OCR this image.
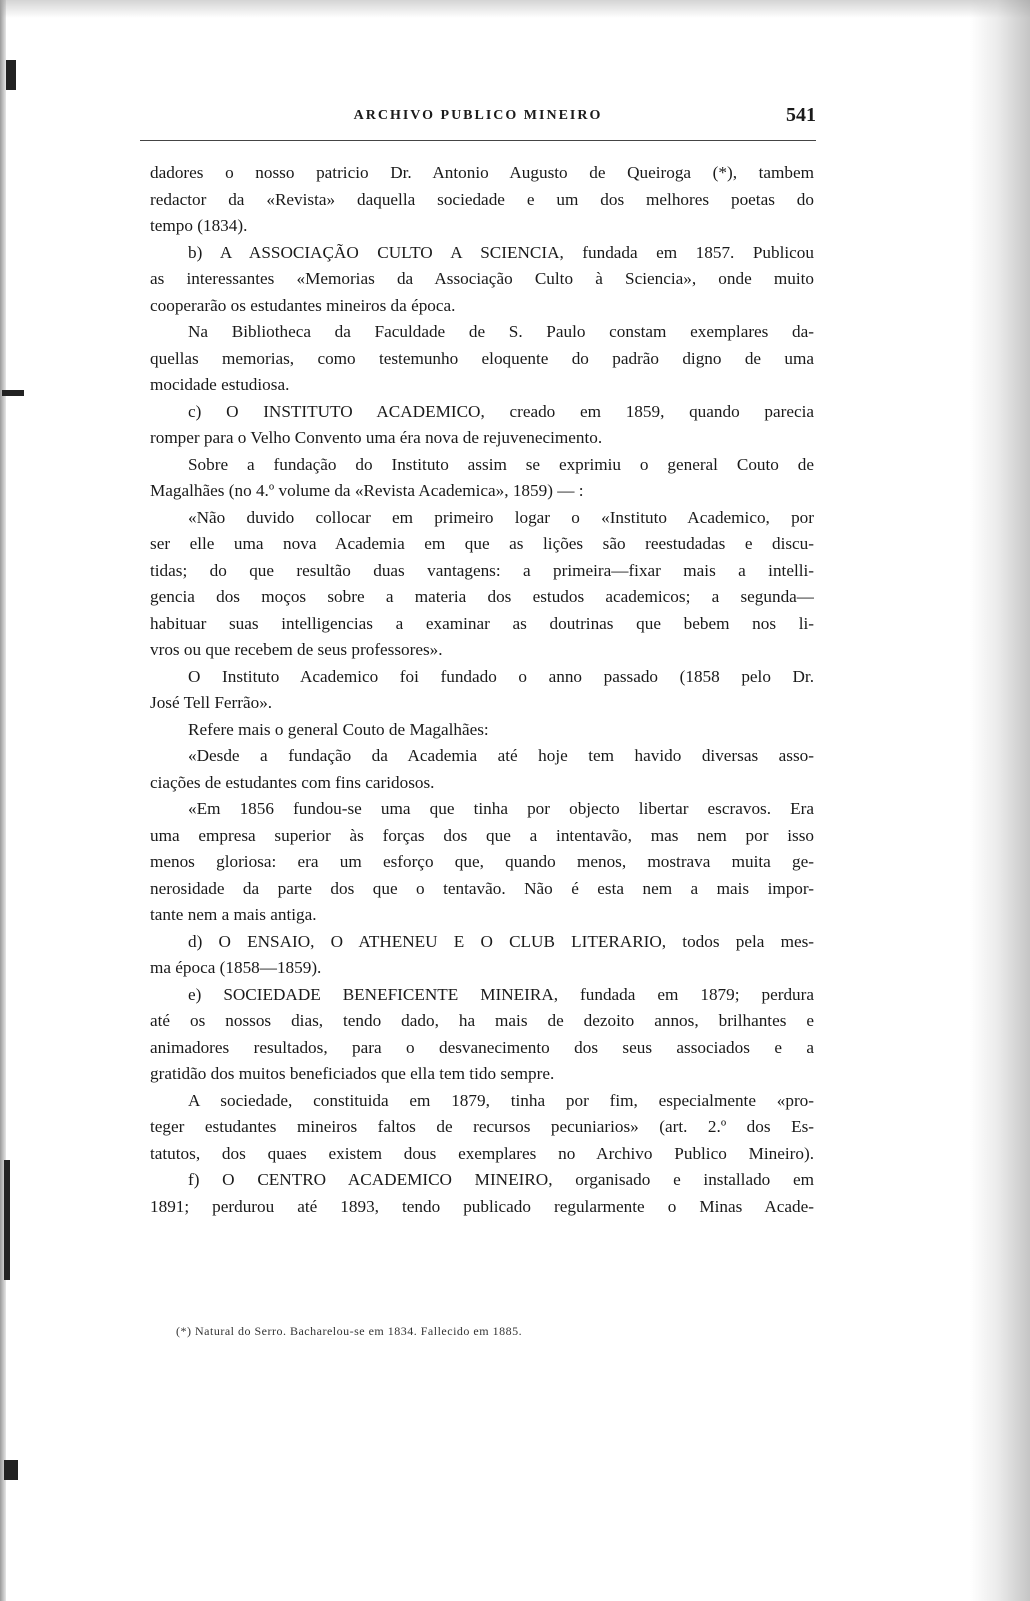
ARCHIVO PUBLICO MINEIRO	541
dadores o nosso patricio Dr. Antonio Augusto de Queiroga (*), tambem
redactor da «Revista» daquella sociedade e um dos melhores poetas do
tempo (1834).
b) A ASSOCIAÇÃO CULTO A SCIENCIA, fundada em 1857. Publicou
as interessantes «Memorias da Associação Culto à Sciencia», onde muito
cooperarão os estudantes mineiros da época.
Na Bibliotheca da Faculdade de S. Paulo constam exemplares da-
quellas memorias, como testemunho eloquente do padrão digno de uma
mocidade estudiosa.
c) O INSTITUTO ACADEMICO, creado em 1859, quando parecia
romper para o Velho Convento uma éra nova de rejuvenecimento.
Sobre a fundação do Instituto assim se exprimiu o general Couto de
Magalhães (no 4.º volume da «Revista Academica», 1859) — :
«Não duvido collocar em primeiro logar o «Instituto Academico, por
ser elle uma nova Academia em que as lições são reestudadas e discu-
tidas; do que resultão duas vantagens: a primeira—fixar mais a intelli-
gencia dos moços sobre a materia dos estudos academicos; a segunda—
habituar suas intelligencias a examinar as doutrinas que bebem nos li-
vros ou que recebem de seus professores».
O Instituto Academico foi fundado o anno passado (1858 pelo Dr.
José Tell Ferrão».
Refere mais o general Couto de Magalhães:
«Desde a fundação da Academia até hoje tem havido diversas asso-
ciações de estudantes com fins caridosos.
«Em 1856 fundou-se uma que tinha por objecto libertar escravos. Era
uma empresa superior às forças dos que a intentavão, mas nem por isso
menos gloriosa: era um esforço que, quando menos, mostrava muita ge-
nerosidade da parte dos que o tentavão. Não é esta nem a mais impor-
tante nem a mais antiga.
d) O ENSAIO, O ATHENEU E O CLUB LITERARIO, todos pela mes-
ma época (1858—1859).
e) SOCIEDADE BENEFICENTE MINEIRA, fundada em 1879; perdura
até os nossos dias, tendo dado, ha mais de dezoito annos, brilhantes e
animadores resultados, para o desvanecimento dos seus associados e a
gratidão dos muitos beneficiados que ella tem tido sempre.
A sociedade, constituida em 1879, tinha por fim, especialmente «pro-
teger estudantes mineiros faltos de recursos pecuniarios» (art. 2.º dos Es-
tatutos, dos quaes existem dous exemplares no Archivo Publico Mineiro).
f) O CENTRO ACADEMICO MINEIRO, organisado e installado em
1891; perdurou até 1893, tendo publicado regularmente o Minas Acade-
(*) Natural do Serro. Bacharelou-se em 1834. Fallecido em 1885.
